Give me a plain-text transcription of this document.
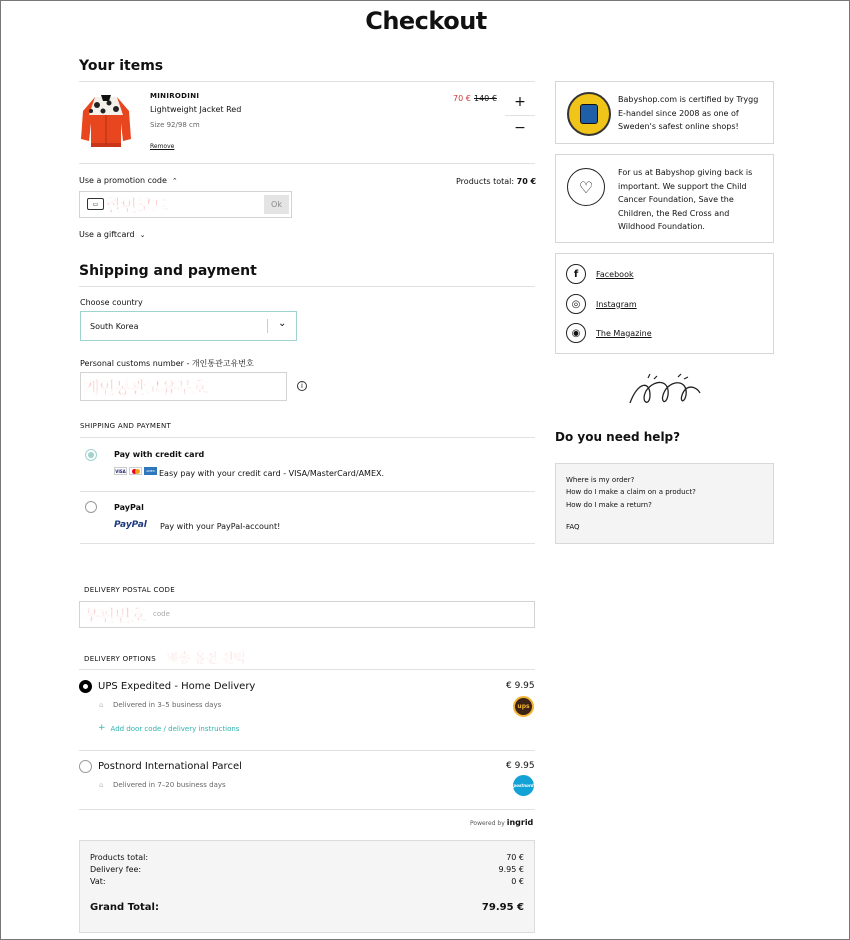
Checkout
Your items
MINIRODINI
Lightweight Jacket Red
Size 92/98 cm
Remove
70 € 140 €	+
−
Use a promotion code ⌃	Products total: 70 €
▭ 할인코드	Ok
Use a giftcard ⌄
Shipping and payment
Choose country
South Korea	⌄
Personal customs number - 개인통관고유번호
개인통관고유부호	i
SHIPPING AND PAYMENT
Pay with credit card
VISA	AMEX Easy pay with your credit card - VISA/MasterCard/AMEX.
PayPal
PayPal Pay with your PayPal-account!
DELIVERY POSTAL CODE
code
우편번호
DELIVERY OPTIONS 배송 옵션 선택
UPS Expedited - Home Delivery	€ 9.95
⌂ Delivered in 3–5 business days	ups
+ Add door code / delivery instructions
Postnord International Parcel	€ 9.95
⌂ Delivered in 7–20 business days	postnord
Powered by ingrid
Products total:	70 €
Delivery fee:	9.95 €
Vat:	0 €
Grand Total:	79.95 €
Babyshop.com is certified by Trygg E-handel since 2008 as one of Sweden's safest online shops!
♡
For us at Babyshop giving back is important. We support the Child Cancer Foundation, Save the Children, the Red Cross and Wildhood Foundation.
f	Facebook
◎	Instagram
◉	The Magazine
Do you need help?
Where is my order?
How do I make a claim on a product?
How do I make a return?
FAQ
